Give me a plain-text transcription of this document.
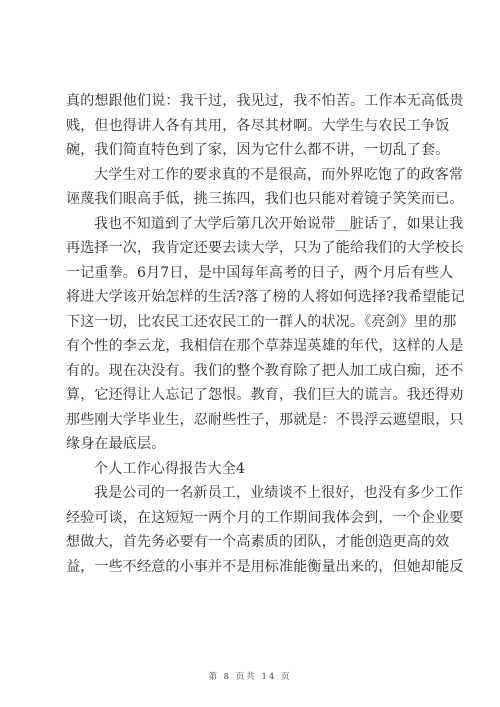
真的想跟他们说：我干过，我见过，我不怕苦。工作本无高低贵
贱，但也得讲人各有其用，各尽其材啊。大学生与农民工争饭
碗，我们简直特色到了家，因为它什么都不讲，一切乱了套。
大学生对工作的要求真的不是很高，而外界吃饱了的政客常
诬蔑我们眼高手低，挑三拣四，我们也只能对着镜子笑笑而已。
我也不知道到了大学后第几次开始说带__脏话了，如果让我
再选择一次，我肯定还要去读大学，只为了能给我们的大学校长
一记重拳。6月7日，是中国每年高考的日子，两个月后有些人
将进大学该开始怎样的生活?落了榜的人将如何选择?我希望能记
下这一切，比农民工还农民工的一群人的状况。《亮剑》里的那
有个性的李云龙，我相信在那个草莽逞英雄的年代，这样的人是
有的。现在决没有。我们的整个教育除了把人加工成白痴，还不
算，它还得让人忘记了怨恨。教育，我们巨大的谎言。我还得劝
那些刚大学毕业生，忍耐些性子，那就是：不畏浮云遮望眼，只
缘身在最底层。
个人工作心得报告大全4
我是公司的一名新员工，业绩谈不上很好，也没有多少工作
经验可谈，在这短短一两个月的工作期间我体会到，一个企业要
想做大，首先务必要有一个高素质的团队，才能创造更高的效
益，一些不经意的小事并不是用标准能衡量出来的，但她却能反
第 8 页共 14 页
